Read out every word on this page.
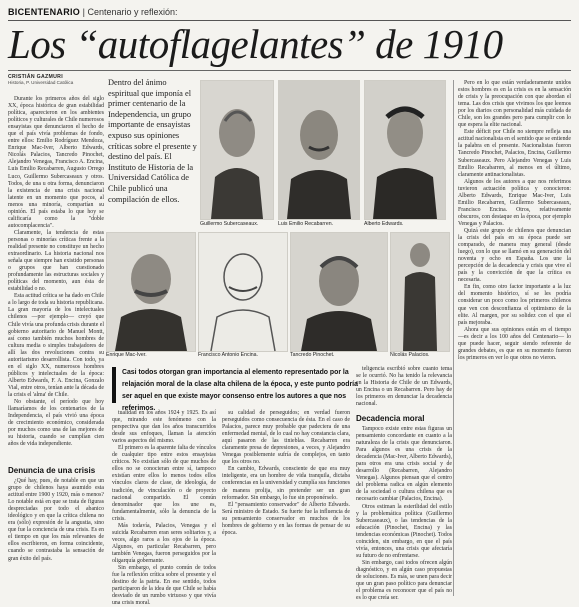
BICENTENARIO | Centenario y reflexión:
Los “autoflagelantes” de 1910
CRISTIÁN GAZMURI
Historia, P. Universidad Católica

Durante los primeros años del siglo XX, época histórica de gran estabilidad política, aparecieron en los ambientes políticos y culturales de Chile numerosos ensayistas que denunciaron el hecho de que el país vivía problemas de fondo, entre ellos: Emilio Rodríguez Mendoza, Enrique Mac-Iver, Alberto Edwards, Nicolás Palacios, Tancredo Pinochet, Alejandro Venegas, Francisco A. Encina, Luis Emilio Recabarren, Augusto Orrego Luco, Guillermo Subercaseaux y otros. Todos, de una u otra forma, denunciaron la existencia de una crisis nacional latente en un momento que pocos, al menos una minoría, compartían su opinión. El país estaba lo que hoy se calificaría como la "doble autocomplacencia".

Claramente, la tendencia de estas personas o minorías críticas frente a la realidad presente no constituye un hecho extraordinario. La historia nacional nos señala que siempre han existido personas o grupos que han cuestionado profundamente las estructuras sociales y políticas del momento, aun ésta de estabilidad o no.

Esta actitud crítica se ha dado en Chile a lo largo de toda su historia republicana. La gran mayoría de los intelectuales chilenos —por ejemplo— creyó que Chile vivía una profunda crisis durante el gobierno autoritario de Manuel Montt, así como también muchos hombres de cultura media o simples trabajadores de allí las dos revoluciones contra su autoritarismo desarrollista. Con todo, ya en el siglo XX, numerosos hombres públicos y intelectuales de la época: Alberto Edwards, F. A. Encina, Gonzalo Vial, entre otros, tenían ante la década de la crisis el 'alma' de Chile.

No obstante, el período que hoy llamaríamos de los centenarios de la Independencia, el país vivió una época de crecimiento económico, considerada por muchos como una de las mejores de su historia, cuando se cumplían cien años de vida independiente.

Denuncia de una crisis

¿Qué hay, pues, de notable en que un grupo de chilenos haya asumido esta actitud entre 1900 y 1920, más o menos? Lo notable está en que se trata de figuras despreciadas por todo el abanico ideológico y en que la crítica chilena no era (sólo) expresión de la angustia, sino que fue la conciencia de una crisis. Es en el tiempo en que los más relevantes de ellos escribieron, en forma coincidente, cuando se contrastaba la sensación de gran éxito del país.

Dentro del ánimo espiritual que imponía el primer centenario de la Independencia, un grupo importante de ensayistas expuso sus opiniones críticas sobre el presente y destino del país. El Instituto de Historia de la Universidad Católica de Chile publicó una compilación de ellos.
Guillermo Subercaseaux.	Luis Emilio Recabarren.	Alberto Edwards.
Enrique Mac-Iver.	Francisco Antonio Encina.	Tancredo Pinochet.	Nicolás Palacios.
Casi todos otorgan gran importancia al elemento representado por la relajación moral de la clase alta chilena de la época, y este punto podría ser aquel en que existe mayor consenso entre los autores a que nos referimos.

tualidad en los años 1924 y 1925. Es así que, mirando este fenómeno con la perspectiva que dan los años transcurridos desde sus enfoques, llaman la atención varios aspectos del mismo.

El primero es la aparente falta de vínculos de cualquier tipo entre estos ensayistas críticos. No existían sólo de que muchos de ellos no se conocieran entre sí, tampoco existían entre ellos lo menos todos ellos vínculos claros de clase, de ideología, de tradición, de vinculación o de proyecto nacional compartido. El común denominador que los une es, fundamentalmente, sólo la denuncia de la crisis.

Más todavía, Palacios, Venegas y el suicida Recabarren eran seres solitarios y, a veces, algo raros a los ojos de la época. Algunos, en particular Recabarren, pero también Venegas, fueron perseguidos por la oligarquía gobernante.

Sin embargo, el punto común de todos fue la reflexión crítica sobre el presente y el destino de la patria. En ese sentido, todos participaron de la idea de que Chile se había desviado de un rumbo virtuoso y que vivía una crisis moral.

su calidad de perseguidos; en verdad fueron perseguidos como consecuencia de ésta. En el caso de Palacios, parece muy probable que padeciera de una enfermedad mental, de lo cual no hay constancia clara, aquí pasaron de las tinieblas. Recabarren era claramente presa de depresiones, a veces, y Alejandro Venegas posiblemente sufría de complejos, en tanto que los otros no.

En cambio, Edwards, consciente de que era muy inteligente, era un hombre de vida tranquila, dictaba conferencias en la universidad y cumplía sus funciones de manera prolija, sin pretender ser un gran reformador. Sin embargo, lo fue sin proponérselo.

El "pensamiento conservador" de Alberto Edwards. Será ministro de Estado. Su fuerte fue la influencia de su pensamiento conservador en muchos de los hombres de gobierno y en las formas de pensar de su época.

teligencia escribió sobre cuanto tema se le ocurrió. No ha tenido la relevancia en la Historia de Chile de un Edwards, un Encina o un Recabarren. Pero hay de los primeros en denunciar la decadencia nacional.

Decadencia moral

Tampoco existe entre estas figuras un pensamiento concordante en cuanto a la naturaleza de la crisis que denunciaron. Para algunos es una crisis de la decadencia (Mac-Iver, Alberto Edwards), para otros era una crisis social y de desarrollo (Recabarren, Alejandro Venegas). Algunos piensan que el centro del problema radica en algún elemento de la sociedad o cultura chilena que es necesario cambiar (Palacios, Encina).

Otros estiman la esterilidad del estilo y la problemática política (Guillermo Subercaseaux), o las tendencias de la educación (Pinochet, Encina) y las tendencias económicas (Pinochet). Todos coinciden, sin embargo, en que el país vivía, entonces, una crisis que afectaría su futuro de no enfrentarse.

Sin embargo, casi todos ofrecen algún diagnóstico, y en algún caso propuestas de soluciones. Es más, se unen para decir que un gran paso político para denunciar el problema es reconocer que el país no es lo que creía ser.

Pero en lo que están verdaderamente unidos estos hombres es en la crisis es en la sensación de crisis y la preocupación con que abordan el tema. Las dos crisis que vivimos los que leemos por los diarios con personalidad más cuidada de Chile, son los grandes pero para cumplir con lo que espera la elite nacional.

Este déficit por Chile no siempre refleja una actitud nacionalista en el sentido que se entiende la palabra en el presente. Nacionalistas fueron Tancredo Pinochet, Palacios, Encina, Guillermo Subercaseaux. Pero Alejandro Venegas y Luis Emilio Recabarren, al menos en el último, claramente antinacionalistas.

Algunos de los autores a que nos referimos tuvieron actuación política y conocieron: Alberto Edwards, Enrique Mac-Iver, Luis Emilio Recabarren, Guillermo Subercaseaux, Francisco Encina. Otros, relativamente obscuros, con destaque en la época, por ejemplo Venegas y Palacios.

Quizá este grupo de chilenos que denuncian la crisis del país en su época puede ser comparado, de manera muy general (desde luego), con lo que se llamó en su generación del noventa y ocho en España. Los une la percepción de la decadencia y crisis que vive el país y la convicción de que la crítica es necesaria.

En fin, como otro factor importante a la luz del momento histórico, sí se les podría considerar un poco como los primeros chilenos que ven con desconfianza el optimismo de la elite. Al margen, por su solidez con el que el país mejoraba.

Ahora que sus opiniones están en el tiempo —es decir a los 100 años del Centenario— lo que puede hacer, seguir siendo referente de grandes debates, es que en su momento fueron los primeros en ver lo que otros no vieron.
